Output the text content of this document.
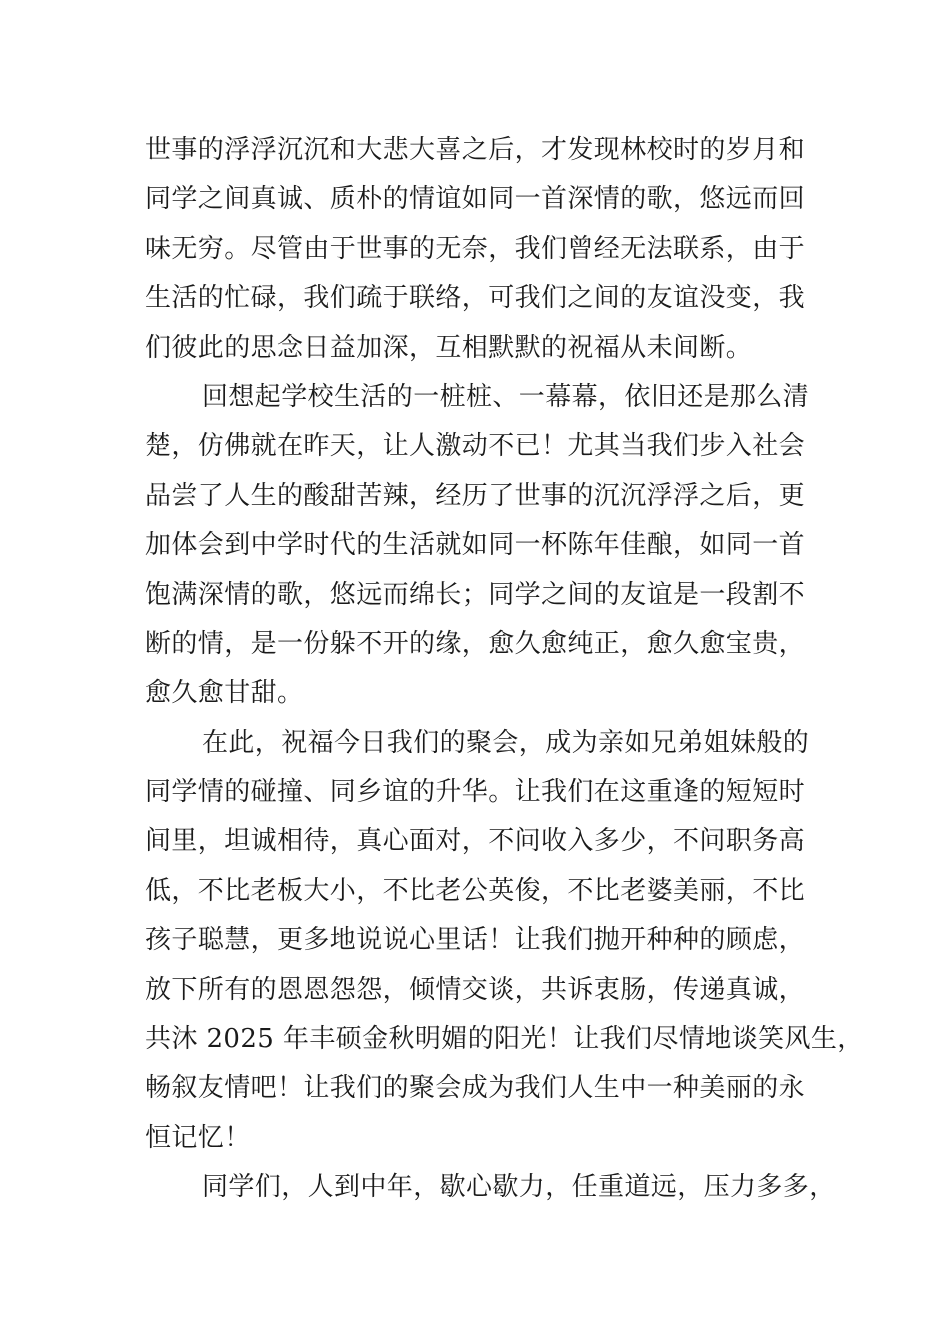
世事的浮浮沉沉和大悲大喜之后，才发现林校时的岁月和
同学之间真诚、质朴的情谊如同一首深情的歌，悠远而回
味无穷。尽管由于世事的无奈，我们曾经无法联系，由于
生活的忙碌，我们疏于联络，可我们之间的友谊没变，我
们彼此的思念日益加深，互相默默的祝福从未间断。
回想起学校生活的一桩桩、一幕幕，依旧还是那么清
楚，仿佛就在昨天，让人激动不已！尤其当我们步入社会
品尝了人生的酸甜苦辣，经历了世事的沉沉浮浮之后，更
加体会到中学时代的生活就如同一杯陈年佳酿，如同一首
饱满深情的歌，悠远而绵长；同学之间的友谊是一段割不
断的情，是一份躲不开的缘，愈久愈纯正，愈久愈宝贵，
愈久愈甘甜。
在此，祝福今日我们的聚会，成为亲如兄弟姐妹般的
同学情的碰撞、同乡谊的升华。让我们在这重逢的短短时
间里，坦诚相待，真心面对，不问收入多少，不问职务高
低，不比老板大小，不比老公英俊，不比老婆美丽，不比
孩子聪慧，更多地说说心里话！让我们抛开种种的顾虑，
放下所有的恩恩怨怨，倾情交谈，共诉衷肠，传递真诚，
共沐 2025 年丰硕金秋明媚的阳光！让我们尽情地谈笑风生，
畅叙友情吧！让我们的聚会成为我们人生中一种美丽的永
恒记忆！
同学们，人到中年，歇心歇力，任重道远，压力多多，
